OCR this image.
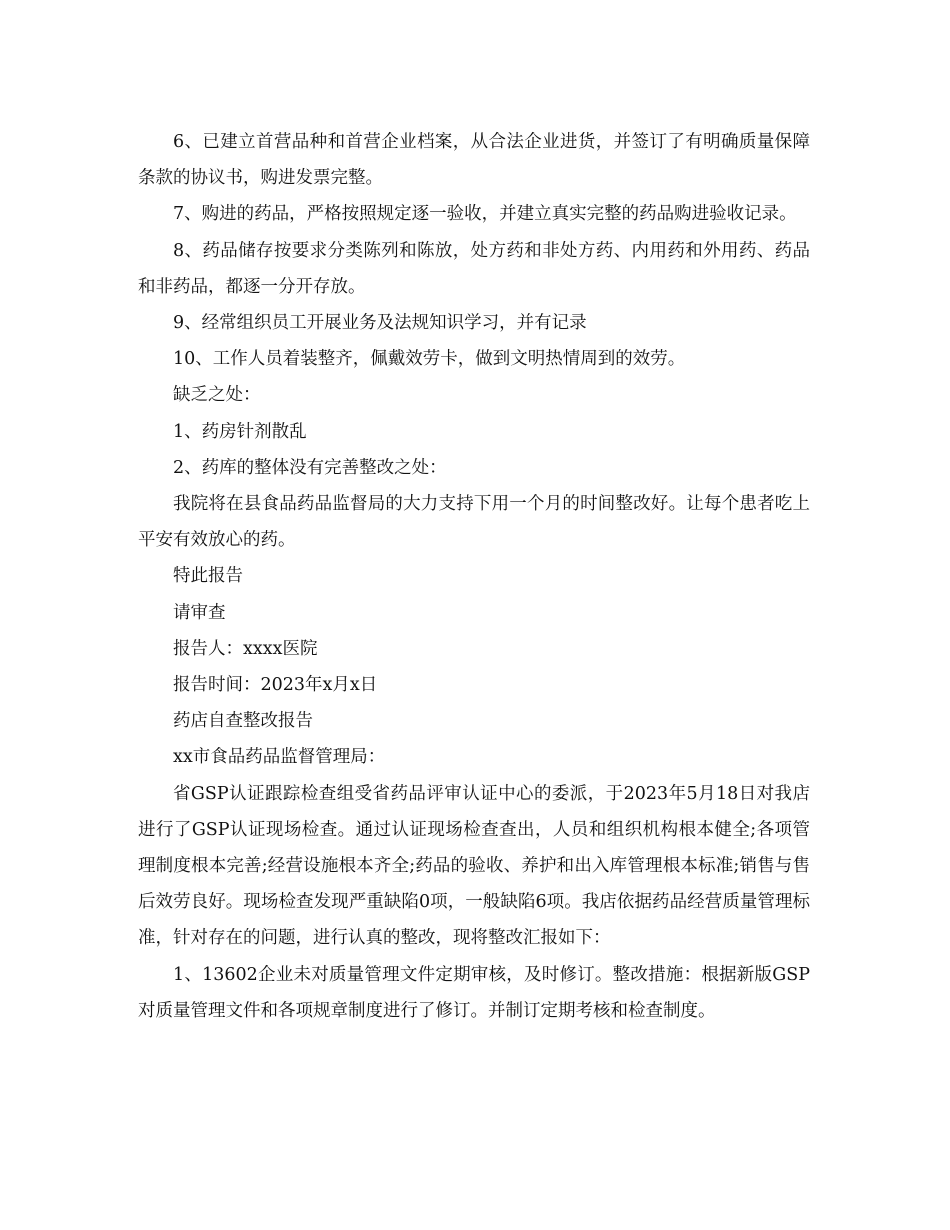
6、已建立首营品种和首营企业档案，从合法企业进货，并签订了有明确质量保障条款的协议书，购进发票完整。

7、购进的药品，严格按照规定逐一验收，并建立真实完整的药品购进验收记录。

8、药品储存按要求分类陈列和陈放，处方药和非处方药、内用药和外用药、药品和非药品，都逐一分开存放。

9、经常组织员工开展业务及法规知识学习，并有记录

10、工作人员着装整齐，佩戴效劳卡，做到文明热情周到的效劳。

缺乏之处：

1、药房针剂散乱

2、药库的整体没有完善整改之处：

我院将在县食品药品监督局的大力支持下用一个月的时间整改好。让每个患者吃上平安有效放心的药。

特此报告

请审查

报告人：xxxx医院

报告时间：2023年x月x日

药店自查整改报告

xx市食品药品监督管理局：

省GSP认证跟踪检查组受省药品评审认证中心的委派，于2023年5月18日对我店进行了GSP认证现场检查。通过认证现场检查查出，人员和组织机构根本健全;各项管理制度根本完善;经营设施根本齐全;药品的验收、养护和出入库管理根本标准;销售与售后效劳良好。现场检查发现严重缺陷0项，一般缺陷6项。我店依据药品经营质量管理标准，针对存在的问题，进行认真的整改，现将整改汇报如下：

1、13602企业未对质量管理文件定期审核，及时修订。整改措施：根据新版GSP对质量管理文件和各项规章制度进行了修订。并制订定期考核和检查制度。
